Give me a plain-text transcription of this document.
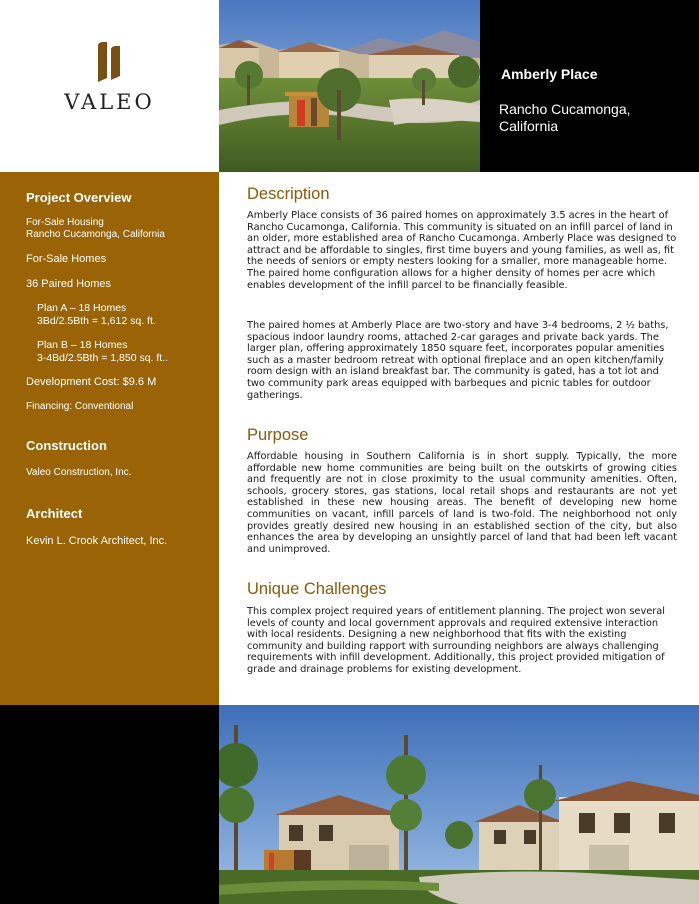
VALEO
Amberly Place
Rancho Cucamonga, California
Project Overview
For-Sale Housing
Rancho Cucamonga, California
For-Sale Homes
36 Paired Homes
Plan A – 18 Homes
3Bd/2.5Bth = 1,612 sq. ft.
Plan B – 18 Homes
3-4Bd/2.5Bth = 1,850 sq. ft..
Development Cost: $9.6 M
Financing: Conventional
Construction
Valeo Construction, Inc.
Architect
Kevin L. Crook Architect, Inc.
Description
Amberly Place consists of 36 paired homes on approximately 3.5 acres in the heart of Rancho Cucamonga, California. This community is situated on an infill parcel of land in an older, more established area of Rancho Cucamonga. Amberly Place was designed to attract and be affordable to singles, first time buyers and young families, as well as, fit the needs of seniors or empty nesters looking for a smaller, more manageable home. The paired home configuration allows for a higher density of homes per acre which enables development of the infill parcel to be financially feasible.
The paired homes at Amberly Place are two-story and have 3-4 bedrooms, 2 ½ baths, spacious indoor laundry rooms, attached 2-car garages and private back yards. The larger plan, offering approximately 1850 square feet, incorporates popular amenities such as a master bedroom retreat with optional fireplace and an open kitchen/family room design with an island breakfast bar. The community is gated, has a tot lot and two community park areas equipped with barbeques and picnic tables for outdoor gatherings.
Purpose
Affordable housing in Southern California is in short supply. Typically, the more affordable new home communities are being built on the outskirts of growing cities and frequently are not in close proximity to the usual community amenities. Often, schools, grocery stores, gas stations, local retail shops and restaurants are not yet established in these new housing areas. The benefit of developing new home communities on vacant, infill parcels of land is two-fold. The neighborhood not only provides greatly desired new housing in an established section of the city, but also enhances the area by developing an unsightly parcel of land that had been left vacant and unimproved.
Unique Challenges
This complex project required years of entitlement planning. The project won several levels of county and local government approvals and required extensive interaction with local residents. Designing a new neighborhood that fits with the existing community and building rapport with surrounding neighbors are always challenging requirements with infill development. Additionally, this project provided mitigation of grade and drainage problems for existing development.
